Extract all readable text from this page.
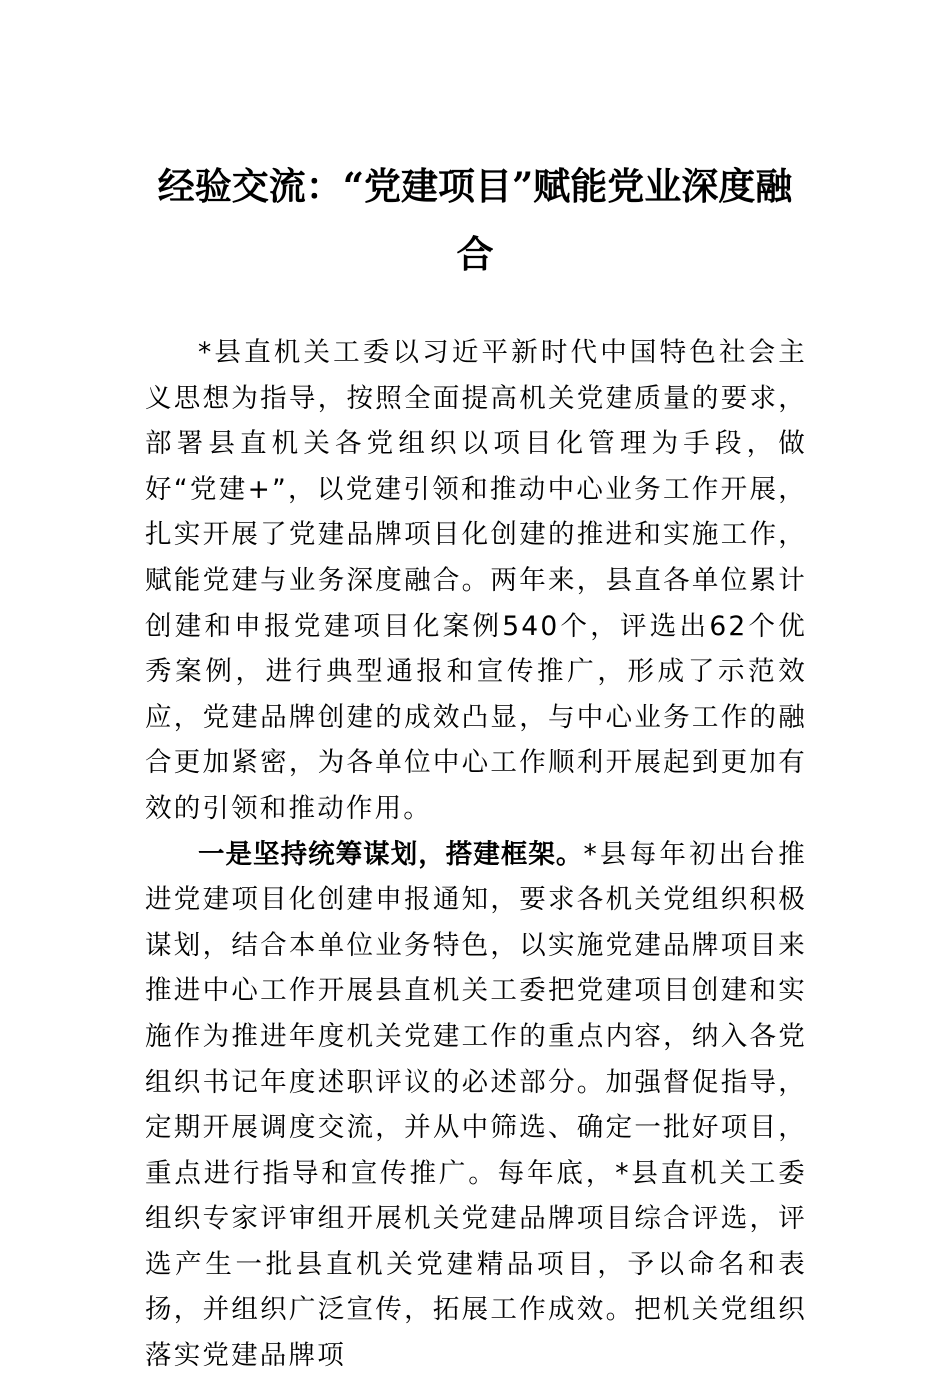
经验交流：“党建项目”赋能党业深度融合

*县直机关工委以习近平新时代中国特色社会主义思想为指导，按照全面提高机关党建质量的要求，部署县直机关各党组织以项目化管理为手段，做好“党建+”，以党建引领和推动中心业务工作开展，扎实开展了党建品牌项目化创建的推进和实施工作，赋能党建与业务深度融合。两年来，县直各单位累计创建和申报党建项目化案例540个，评选出62个优秀案例，进行典型通报和宣传推广，形成了示范效应，党建品牌创建的成效凸显，与中心业务工作的融合更加紧密，为各单位中心工作顺利开展起到更加有效的引领和推动作用。

一是坚持统筹谋划，搭建框架。*县每年初出台推进党建项目化创建申报通知，要求各机关党组织积极谋划，结合本单位业务特色，以实施党建品牌项目来推进中心工作开展县直机关工委把党建项目创建和实施作为推进年度机关党建工作的重点内容，纳入各党组织书记年度述职评议的必述部分。加强督促指导，定期开展调度交流，并从中筛选、确定一批好项目，重点进行指导和宣传推广。每年底，*县直机关工委组织专家评审组开展机关党建品牌项目综合评选，评选产生一批县直机关党建精品项目，予以命名和表扬，并组织广泛宣传，拓展工作成效。把机关党组织落实党建品牌项
